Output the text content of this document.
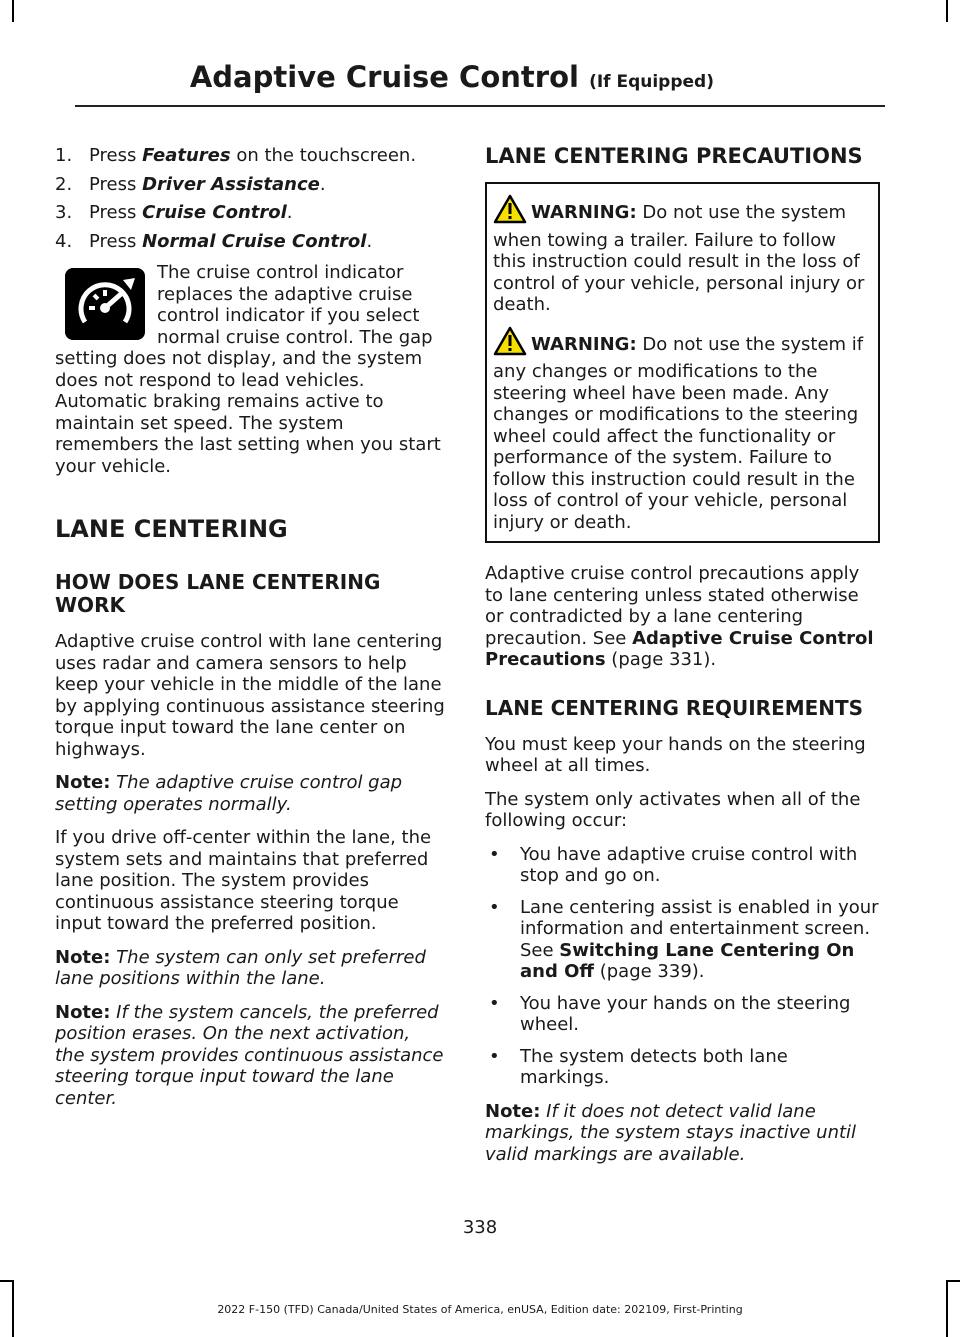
Adaptive Cruise Control (If Equipped)
1. Press Features on the touchscreen.
2. Press Driver Assistance.
3. Press Cruise Control.
4. Press Normal Cruise Control.

The cruise control indicator replaces the adaptive cruise control indicator if you select normal cruise control. The gap setting does not display, and the system does not respond to lead vehicles. Automatic braking remains active to maintain set speed. The system remembers the last setting when you start your vehicle.

LANE CENTERING
HOW DOES LANE CENTERING WORK

Adaptive cruise control with lane centering uses radar and camera sensors to help keep your vehicle in the middle of the lane by applying continuous assistance steering torque input toward the lane center on highways.

Note: The adaptive cruise control gap setting operates normally.

If you drive off-center within the lane, the system sets and maintains that preferred lane position. The system provides continuous assistance steering torque input toward the preferred position.

Note: The system can only set preferred lane positions within the lane.

Note: If the system cancels, the preferred position erases. On the next activation, the system provides continuous assistance steering torque input toward the lane center.

LANE CENTERING PRECAUTIONS

WARNING: Do not use the system when towing a trailer. Failure to follow this instruction could result in the loss of control of your vehicle, personal injury or death.

WARNING: Do not use the system if any changes or modifications to the steering wheel have been made. Any changes or modifications to the steering wheel could affect the functionality or performance of the system. Failure to follow this instruction could result in the loss of control of your vehicle, personal injury or death.

Adaptive cruise control precautions apply to lane centering unless stated otherwise or contradicted by a lane centering precaution. See Adaptive Cruise Control Precautions (page 331).

LANE CENTERING REQUIREMENTS

You must keep your hands on the steering wheel at all times.

The system only activates when all of the following occur:

• You have adaptive cruise control with stop and go on.
• Lane centering assist is enabled in your information and entertainment screen. See Switching Lane Centering On and Off (page 339).
• You have your hands on the steering wheel.
• The system detects both lane markings.

Note: If it does not detect valid lane markings, the system stays inactive until valid markings are available.

338
2022 F-150 (TFD) Canada/United States of America, enUSA, Edition date: 202109, First-Printing
